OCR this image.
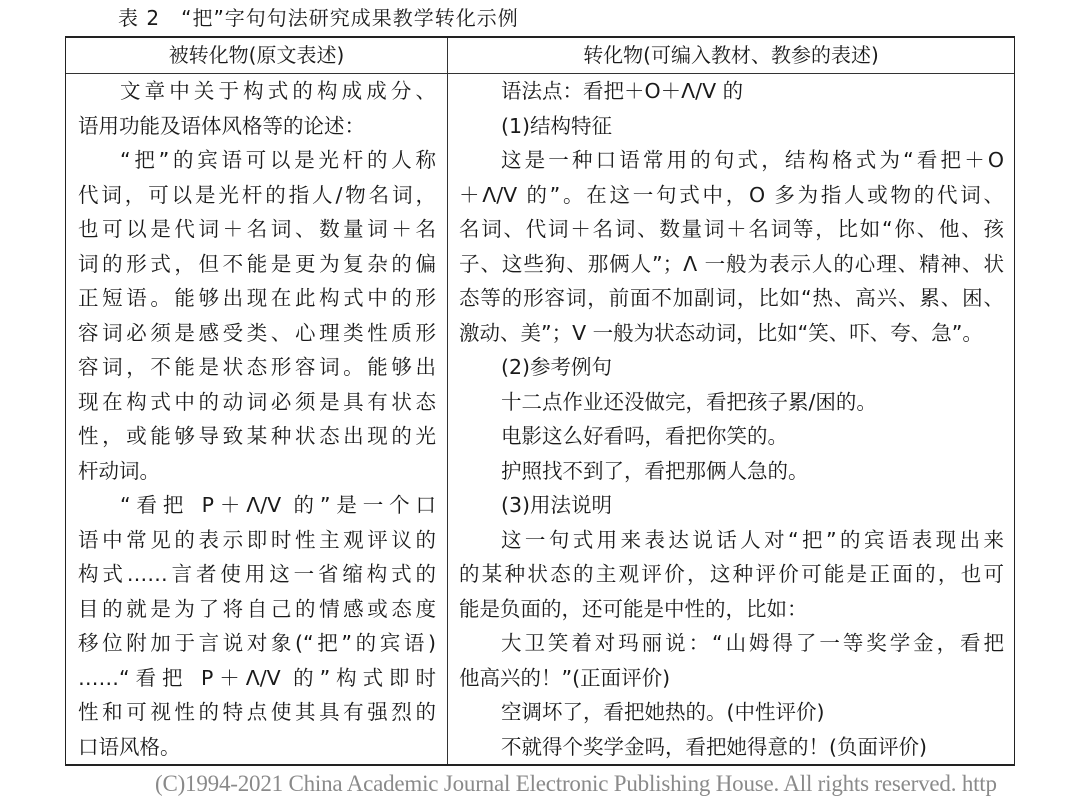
表 2　“把”字句句法研究成果教学转化示例
被转化物(原文表述)	转化物(可编入教材、教参的表述)
文章中关于构式的构成成分、
语用功能及语体风格等的论述：
“把”的宾语可以是光杆的人称
代词，可以是光杆的指人/物名词，
也可以是代词＋名词、数量词＋名
词的形式，但不能是更为复杂的偏
正短语。能够出现在此构式中的形
容词必须是感受类、心理类性质形
容词，不能是状态形容词。能够出
现在构式中的动词必须是具有状态
性，或能够导致某种状态出现的光
杆动词。
“看把 P＋Λ/V 的”是一个口
语中常见的表示即时性主观评议的
构式……言者使用这一省缩构式的
目的就是为了将自己的情感或态度
移位附加于言说对象(“把”的宾语)
……“看把 P＋Λ/V 的”构式即时
性和可视性的特点使其具有强烈的
口语风格。
语法点：看把＋O＋Λ/V 的
(1)结构特征
这是一种口语常用的句式，结构格式为“看把＋O
＋Λ/V 的”。在这一句式中，O 多为指人或物的代词、
名词、代词＋名词、数量词＋名词等，比如“你、他、孩
子、这些狗、那俩人”；Λ 一般为表示人的心理、精神、状
态等的形容词，前面不加副词，比如“热、高兴、累、困、
激动、美”；V 一般为状态动词，比如“笑、吓、夸、急”。
(2)参考例句
十二点作业还没做完，看把孩子累/困的。
电影这么好看吗，看把你笑的。
护照找不到了，看把那俩人急的。
(3)用法说明
这一句式用来表达说话人对“把”的宾语表现出来
的某种状态的主观评价，这种评价可能是正面的，也可
能是负面的，还可能是中性的，比如：
大卫笑着对玛丽说：“山姆得了一等奖学金，看把
他高兴的！”(正面评价)
空调坏了，看把她热的。(中性评价)
不就得个奖学金吗，看把她得意的！(负面评价)
(C)1994-2021 China Academic Journal Electronic Publishing House. All rights reserved. http
